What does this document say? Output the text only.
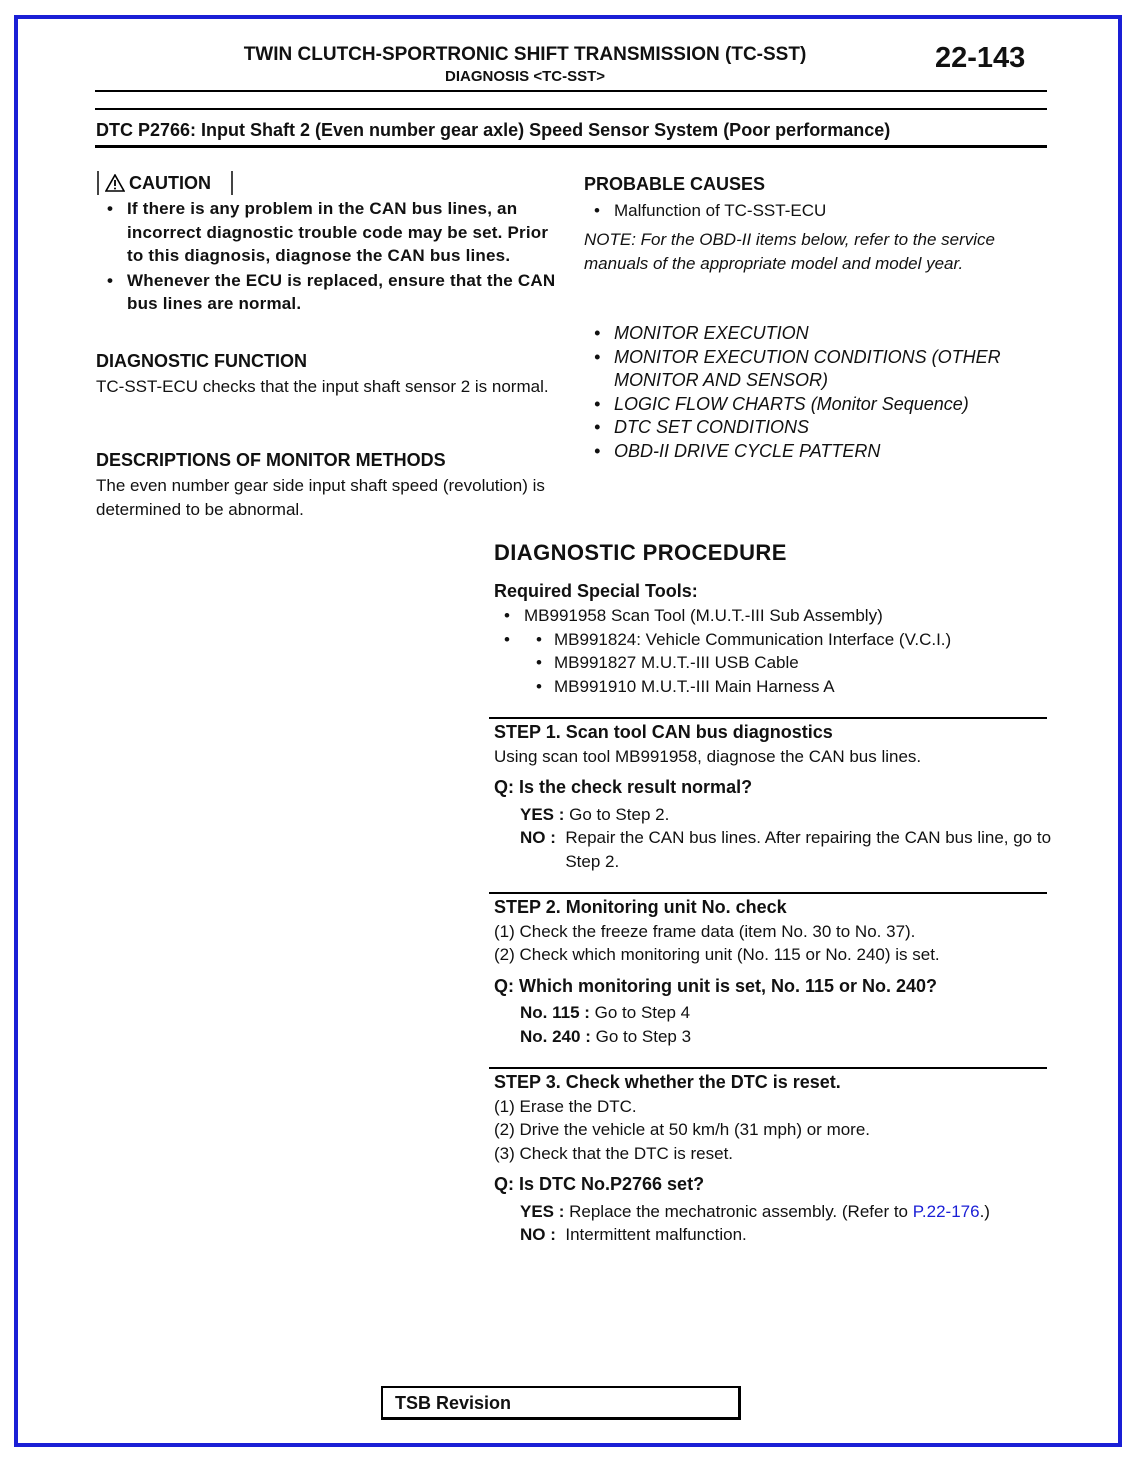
TWIN CLUTCH-SPORTRONIC SHIFT TRANSMISSION (TC-SST)
DIAGNOSIS <TC-SST>
22-143
DTC P2766: Input Shaft 2 (Even number gear axle) Speed Sensor System (Poor performance)
CAUTION
• If there is any problem in the CAN bus lines, an incorrect diagnostic trouble code may be set. Prior to this diagnosis, diagnose the CAN bus lines.
• Whenever the ECU is replaced, ensure that the CAN bus lines are normal.
DIAGNOSTIC FUNCTION
TC-SST-ECU checks that the input shaft sensor 2 is normal.
DESCRIPTIONS OF MONITOR METHODS
The even number gear side input shaft speed (revolution) is determined to be abnormal.
PROBABLE CAUSES
• Malfunction of TC-SST-ECU
NOTE: For the OBD-II items below, refer to the service manuals of the appropriate model and model year.
• MONITOR EXECUTION
• MONITOR EXECUTION CONDITIONS (OTHER MONITOR AND SENSOR)
• LOGIC FLOW CHARTS (Monitor Sequence)
• DTC SET CONDITIONS
• OBD-II DRIVE CYCLE PATTERN
DIAGNOSTIC PROCEDURE
Required Special Tools:
• MB991958 Scan Tool (M.U.T.-III Sub Assembly)
• • MB991824: Vehicle Communication Interface (V.C.I.)
• MB991827 M.U.T.-III USB Cable
• MB991910 M.U.T.-III Main Harness A
STEP 1. Scan tool CAN bus diagnostics
Using scan tool MB991958, diagnose the CAN bus lines.
Q: Is the check result normal?
YES : Go to Step 2.
NO : Repair the CAN bus lines. After repairing the CAN bus line, go to Step 2.
STEP 2. Monitoring unit No. check
(1) Check the freeze frame data (item No. 30 to No. 37).
(2) Check which monitoring unit (No. 115 or No. 240) is set.
Q: Which monitoring unit is set, No. 115 or No. 240?
No. 115 : Go to Step 4
No. 240 : Go to Step 3
STEP 3. Check whether the DTC is reset.
(1) Erase the DTC.
(2) Drive the vehicle at 50 km/h (31 mph) or more.
(3) Check that the DTC is reset.
Q: Is DTC No.P2766 set?
YES : Replace the mechatronic assembly. (Refer to P.22-176.)
NO : Intermittent malfunction.
TSB Revision
